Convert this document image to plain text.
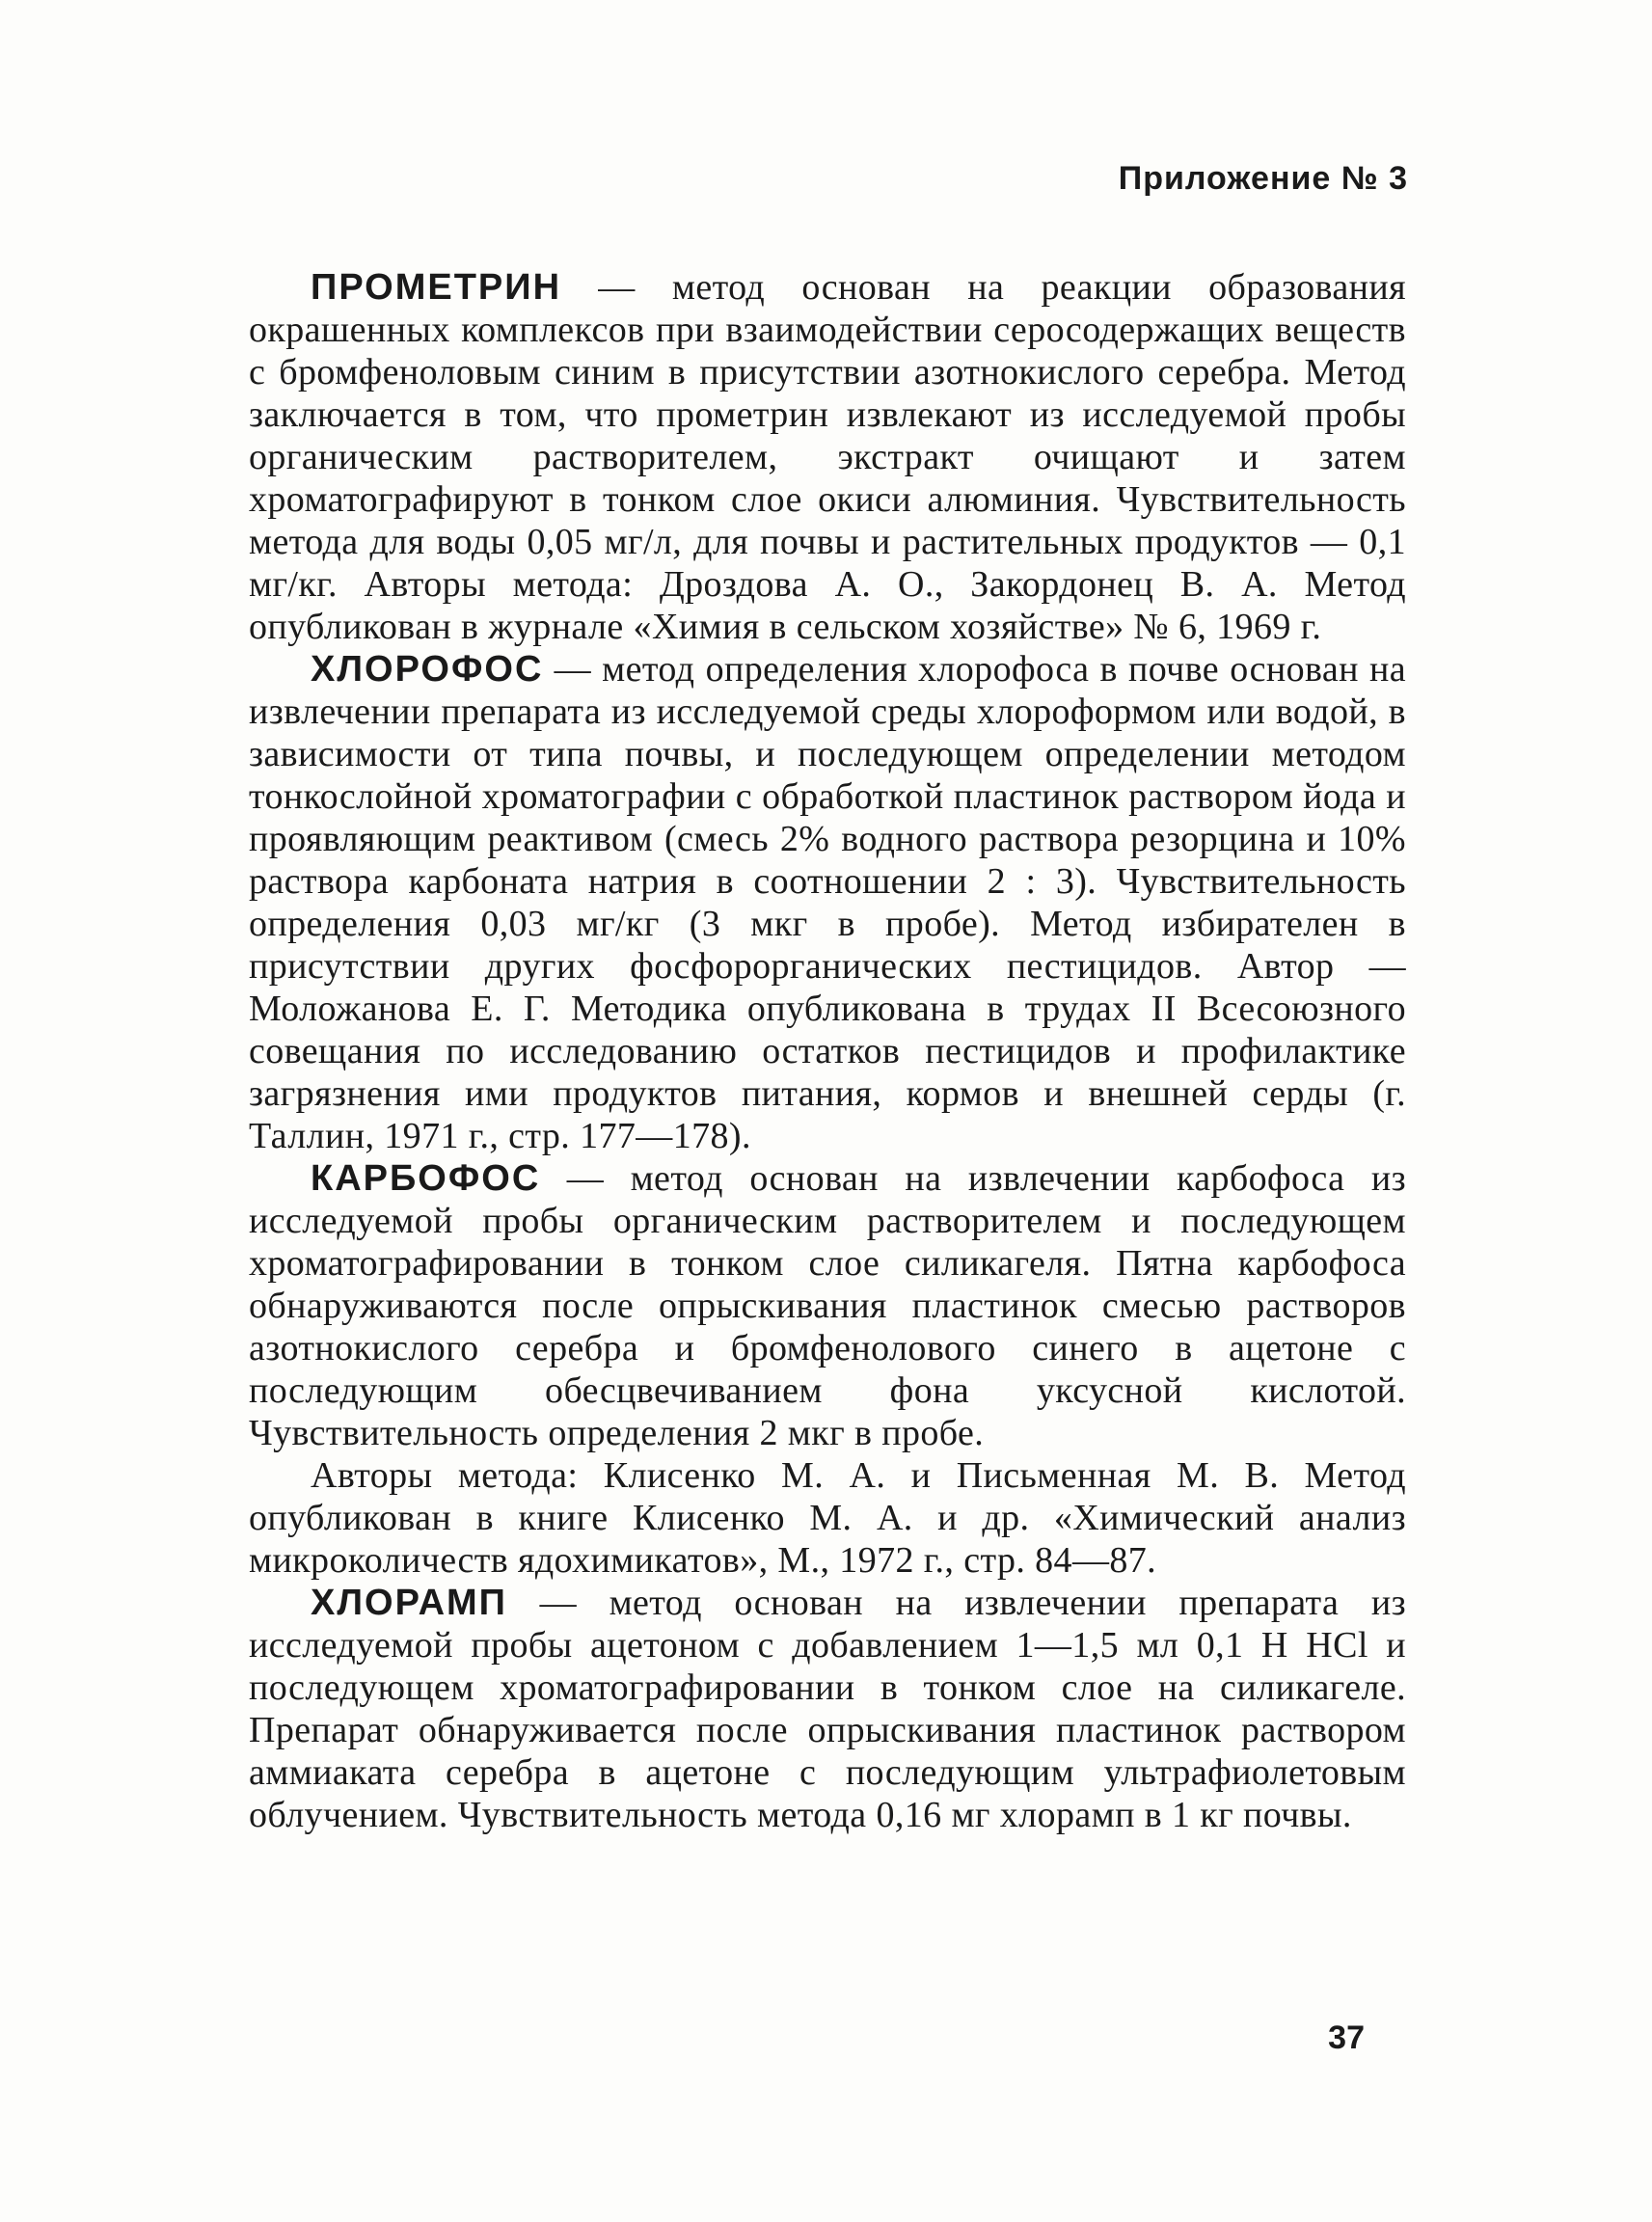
Приложение № 3

ПРОМЕТРИН — метод основан на реакции образования окрашенных комплексов при взаимодействии серосодержащих веществ с бромфеноловым синим в присутствии азотнокислого серебра. Метод заключается в том, что прометрин извлекают из исследуемой пробы органическим растворителем, экстракт очищают и затем хроматографируют в тонком слое окиси алюминия. Чувствительность метода для воды 0,05 мг/л, для почвы и растительных продуктов — 0,1 мг/кг. Авторы метода: Дроздова А. О., Закордонец В. А. Метод опубликован в журнале «Химия в сельском хозяйстве» № 6, 1969 г.

ХЛОРОФОС — метод определения хлорофоса в почве основан на извлечении препарата из исследуемой среды хлороформом или водой, в зависимости от типа почвы, и последующем определении методом тонкослойной хроматографии с обработкой пластинок раствором йода и проявляющим реактивом (смесь 2% водного раствора резорцина и 10% раствора карбоната натрия в соотношении 2 : 3). Чувствительность определения 0,03 мг/кг (3 мкг в пробе). Метод избирателен в присутствии других фосфорорганических пестицидов. Автор — Моложанова Е. Г. Методика опубликована в трудах II Всесоюзного совещания по исследованию остатков пестицидов и профилактике загрязнения ими продуктов питания, кормов и внешней серды (г. Таллин, 1971 г., стр. 177—178).

КАРБОФОС — метод основан на извлечении карбофоса из исследуемой пробы органическим растворителем и последующем хроматографировании в тонком слое силикагеля. Пятна карбофоса обнаруживаются после опрыскивания пластинок смесью растворов азотнокислого серебра и бромфенолового синего в ацетоне с последующим обесцвечиванием фона уксусной кислотой. Чувствительность определения 2 мкг в пробе.

Авторы метода: Клисенко М. А. и Письменная М. В. Метод опубликован в книге Клисенко М. А. и др. «Химический анализ микроколичеств ядохимикатов», М., 1972 г., стр. 84—87.

ХЛОРАМП — метод основан на извлечении препарата из исследуемой пробы ацетоном с добавлением 1—1,5 мл 0,1 Н НСl и последующем хроматографировании в тонком слое на силикагеле. Препарат обнаруживается после опрыскивания пластинок раствором аммиаката серебра в ацетоне с последующим ультрафиолетовым облучением. Чувствительность метода 0,16 мг хлорамп в 1 кг почвы.

37
